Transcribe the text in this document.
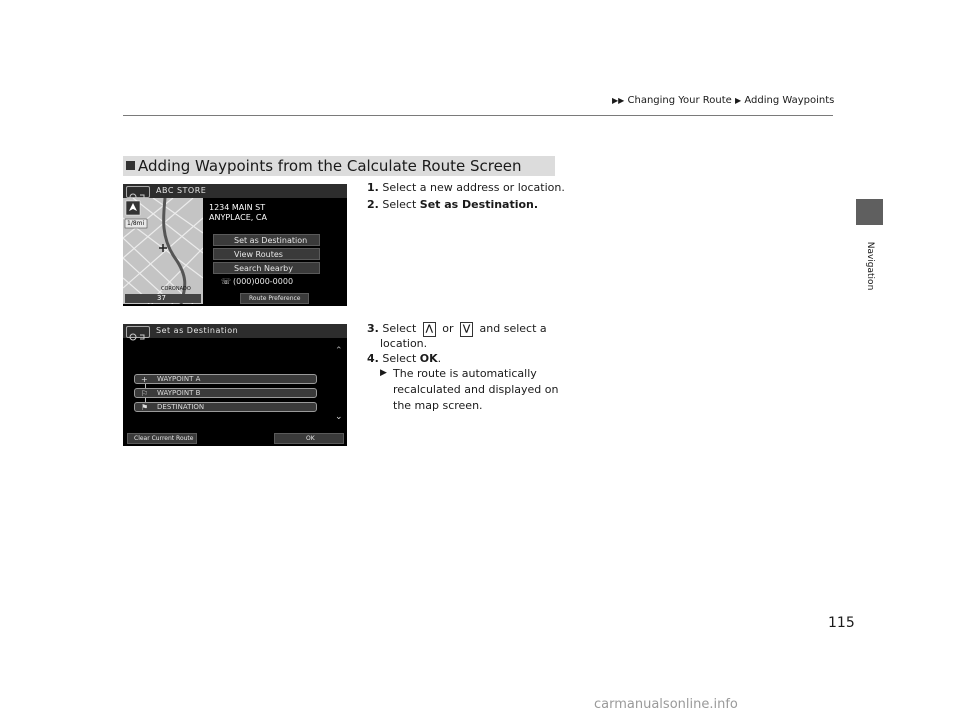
▶▶ Changing Your Route ▶ Adding Waypoints
Navigation
Adding Waypoints from the Calculate Route Screen
ABC STORE
1/8mi
CORONADO
37
1234 MAIN ST
ANYPLACE, CA
Set as Destination
View Routes
Search Nearby
☏ (000)000-0000
Route Preference
1. Select a new address or location.
2. Select Set as Destination.
Set as Destination
⌃
+ WAYPOINT A
⚐ WAYPOINT B
⚑ DESTINATION
⌄
Clear Current Route	OK
3. Select ⋀ or ⋁ and select a
location.
4. Select OK.
▶ The route is automatically
recalculated and displayed on
the map screen.
115
carmanualsonline.info
